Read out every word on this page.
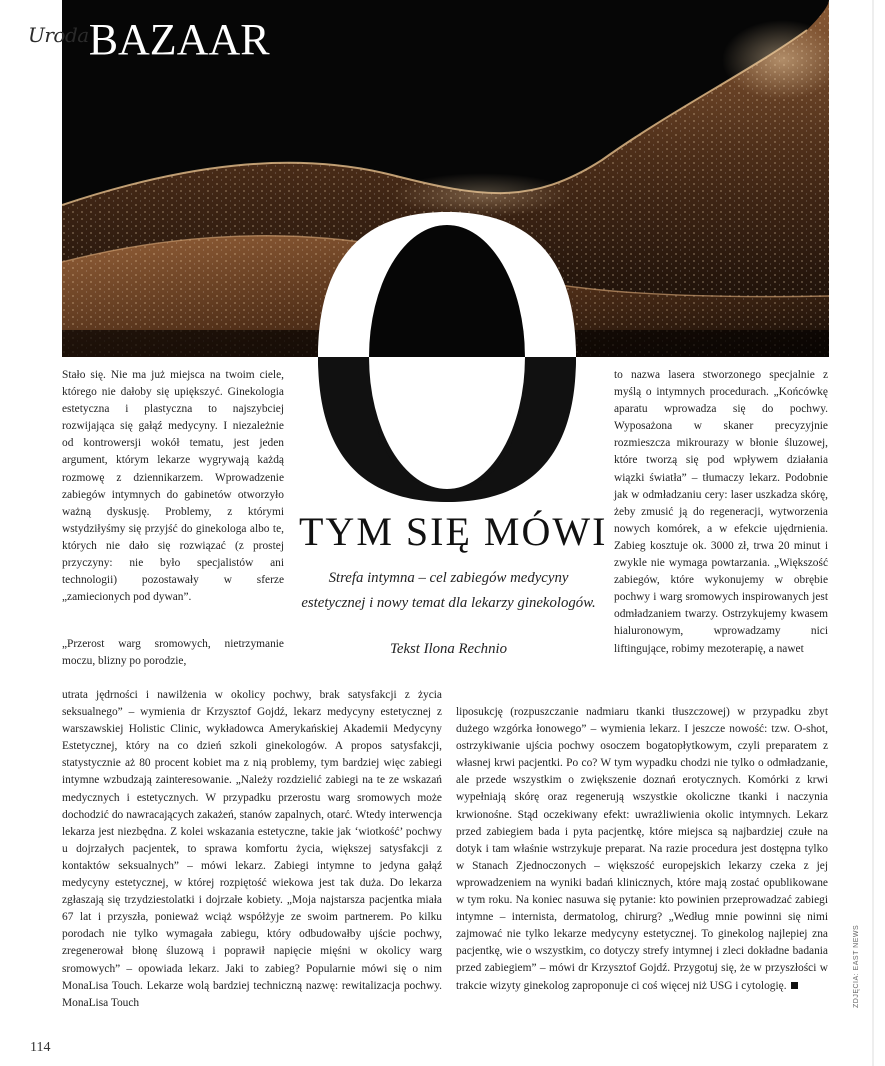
UrodaBAZAAR
TYM SIĘ MÓWI
Strefa intymna – cel zabiegów medycyny estetycznej i nowy temat dla lekarzy ginekologów.
Tekst Ilona Rechnio

Stało się. Nie ma już miejsca na twoim ciele, którego nie dałoby się upiększyć. Ginekologia estetyczna i plastyczna to najszybciej rozwijająca się gałąź medycyny. I niezależnie od kontrowersji wokół tematu, jest jeden argument, którym lekarze wygrywają każdą rozmowę z dziennikarzem. Wprowadzenie zabiegów intymnych do gabinetów otworzyło ważną dyskusję. Problemy, z którymi wstydziłyśmy się przyjść do ginekologa albo te, których nie dało się rozwiązać (z prostej przyczyny: nie było specjalistów ani technologii) pozostawały w sferze „zamiecionych pod dywan”.

„Przerost warg sromowych, nietrzymanie moczu, blizny po porodzie,

utrata jędrności i nawilżenia w okolicy pochwy, brak satysfakcji z życia seksualnego” – wymienia dr Krzysztof Gojdź, lekarz medycyny estetycznej z warszawskiej Holistic Clinic, wykładowca Amerykańskiej Akademii Medycyny Estetycznej, który na co dzień szkoli ginekologów. A propos satysfakcji, statystycznie aż 80 procent kobiet ma z nią problemy, tym bardziej więc zabiegi intymne wzbudzają zainteresowanie. „Należy rozdzielić zabiegi na te ze wskazań medycznych i estetycznych. W przypadku przerostu warg sromowych może dochodzić do nawracających zakażeń, stanów zapalnych, otarć. Wtedy interwencja lekarza jest niezbędna. Z kolei wskazania estetyczne, takie jak ‘wiotkość’ pochwy u dojrzałych pacjentek, to sprawa komfortu życia, większej satysfakcji z kontaktów seksualnych” – mówi lekarz. Zabiegi intymne to jedyna gałąź medycyny estetycznej, w której rozpiętość wiekowa jest tak duża. Do lekarza zgłaszają się trzydziestolatki i dojrzałe kobiety. „Moja najstarsza pacjentka miała 67 lat i przyszła, ponieważ wciąż współżyje ze swoim partnerem. Po kilku porodach nie tylko wymagała zabiegu, który odbudowałby ujście pochwy, zregenerował błonę śluzową i poprawił napięcie mięśni w okolicy warg sromowych” – opowiada lekarz. Jaki to zabieg? Popularnie mówi się o nim MonaLisa Touch. Lekarze wolą bardziej techniczną nazwę: rewitalizacja pochwy. MonaLisa Touch

to nazwa lasera stworzonego specjalnie z myślą o intymnych procedurach. „Końcówkę aparatu wprowadza się do pochwy. Wyposażona w skaner precyzyjnie rozmieszcza mikrourazy w błonie śluzowej, które tworzą się pod wpływem działania wiązki światła” – tłumaczy lekarz. Podobnie jak w odmładzaniu cery: laser uszkadza skórę, żeby zmusić ją do regeneracji, wytworzenia nowych komórek, a w efekcie ujędrnienia. Zabieg kosztuje ok. 3000 zł, trwa 20 minut i zwykle nie wymaga powtarzania. „Większość zabiegów, które wykonujemy w obrębie pochwy i warg sromowych inspirowanych jest odmładzaniem twarzy. Ostrzykujemy kwasem hialuronowym, wprowadzamy nici liftingujące, robimy mezoterapię, a nawet

liposukcję (rozpuszczanie nadmiaru tkanki tłuszczowej) w przypadku zbyt dużego wzgórka łonowego” – wymienia lekarz. I jeszcze nowość: tzw. O-shot, ostrzykiwanie ujścia pochwy osoczem bogatopłytkowym, czyli preparatem z własnej krwi pacjentki. Po co? W tym wypadku chodzi nie tylko o odmładzanie, ale przede wszystkim o zwiększenie doznań erotycznych. Komórki z krwi wypełniają skórę oraz regenerują wszystkie okoliczne tkanki i naczynia krwionośne. Stąd oczekiwany efekt: uwrażliwienia okolic intymnych. Lekarz przed zabiegiem bada i pyta pacjentkę, które miejsca są najbardziej czułe na dotyk i tam właśnie wstrzykuje preparat. Na razie procedura jest dostępna tylko w Stanach Zjednoczonych – większość europejskich lekarzy czeka z jej wprowadzeniem na wyniki badań klinicznych, które mają zostać opublikowane w tym roku. Na koniec nasuwa się pytanie: kto powinien przeprowadzać zabiegi intymne – internista, dermatolog, chirurg? „Według mnie powinni się nimi zajmować nie tylko lekarze medycyny estetycznej. To ginekolog najlepiej zna pacjentkę, wie o wszystkim, co dotyczy strefy intymnej i zleci dokładne badania przed zabiegiem” – mówi dr Krzysztof Gojdź. Przygotuj się, że w przyszłości w trakcie wizyty ginekolog zaproponuje ci coś więcej niż USG i cytologię.

114
ZDJĘCIA: EAST NEWS
